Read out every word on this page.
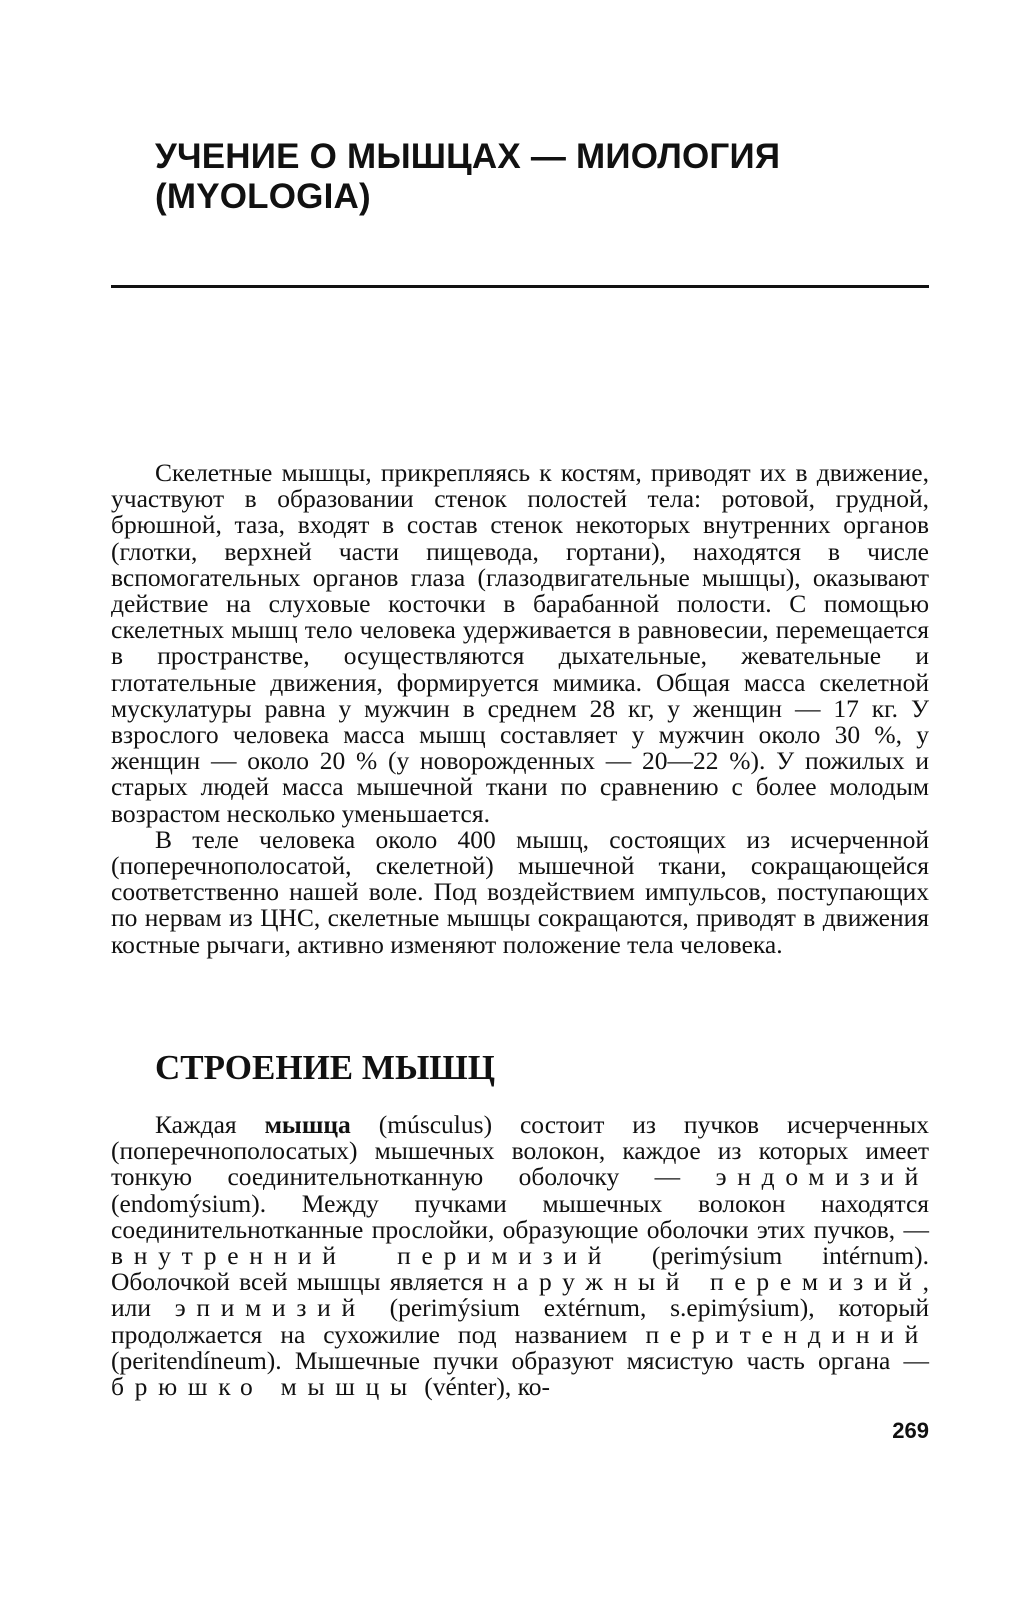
УЧЕНИЕ О МЫШЦАХ — МИОЛОГИЯ
(MYOLOGIA)

Скелетные мышцы, прикрепляясь к костям, приводят их в движение, участвуют в образовании стенок полостей тела: ротовой, грудной, брюшной, таза, входят в состав стенок некоторых внутренних органов (глотки, верхней части пищевода, гортани), находятся в числе вспомогательных органов глаза (глазодвигательные мышцы), оказывают действие на слуховые косточки в барабанной полости. С помощью скелетных мышц тело человека удерживается в равновесии, перемещается в пространстве, осуществляются дыхательные, жевательные и глотательные движения, формируется мимика. Общая масса скелетной мускулатуры равна у мужчин в среднем 28 кг, у женщин — 17 кг. У взрослого человека масса мышц составляет у мужчин около 30 %, у женщин — около 20 % (у новорожденных — 20—22 %). У пожилых и старых людей масса мышечной ткани по сравнению с более молодым возрастом несколько уменьшается.

В теле человека около 400 мышц, состоящих из исчерченной (поперечнополосатой, скелетной) мышечной ткани, сокращающейся соответственно нашей воле. Под воздействием импульсов, поступающих по нервам из ЦНС, скелетные мышцы сокращаются, приводят в движения костные рычаги, активно изменяют положение тела человека.

СТРОЕНИЕ МЫШЦ

Каждая мышца (músculus) состоит из пучков исчерченных (поперечнополосатых) мышечных волокон, каждое из которых имеет тонкую соединительнотканную оболочку — эндомизий (endomýsium). Между пучками мышечных волокон находятся соединительнотканные прослойки, образующие оболочки этих пучков, — внутренний перимизий (perimýsium intérnum). Оболочкой всей мышцы является наружный перемизий, или эпимизий (perimýsium extérnum, s.epimýsium), который продолжается на сухожилие под названием перитендиний (peritendíneum). Мышечные пучки образуют мясистую часть органа — брюшко мышцы (vénter), ко-

269
